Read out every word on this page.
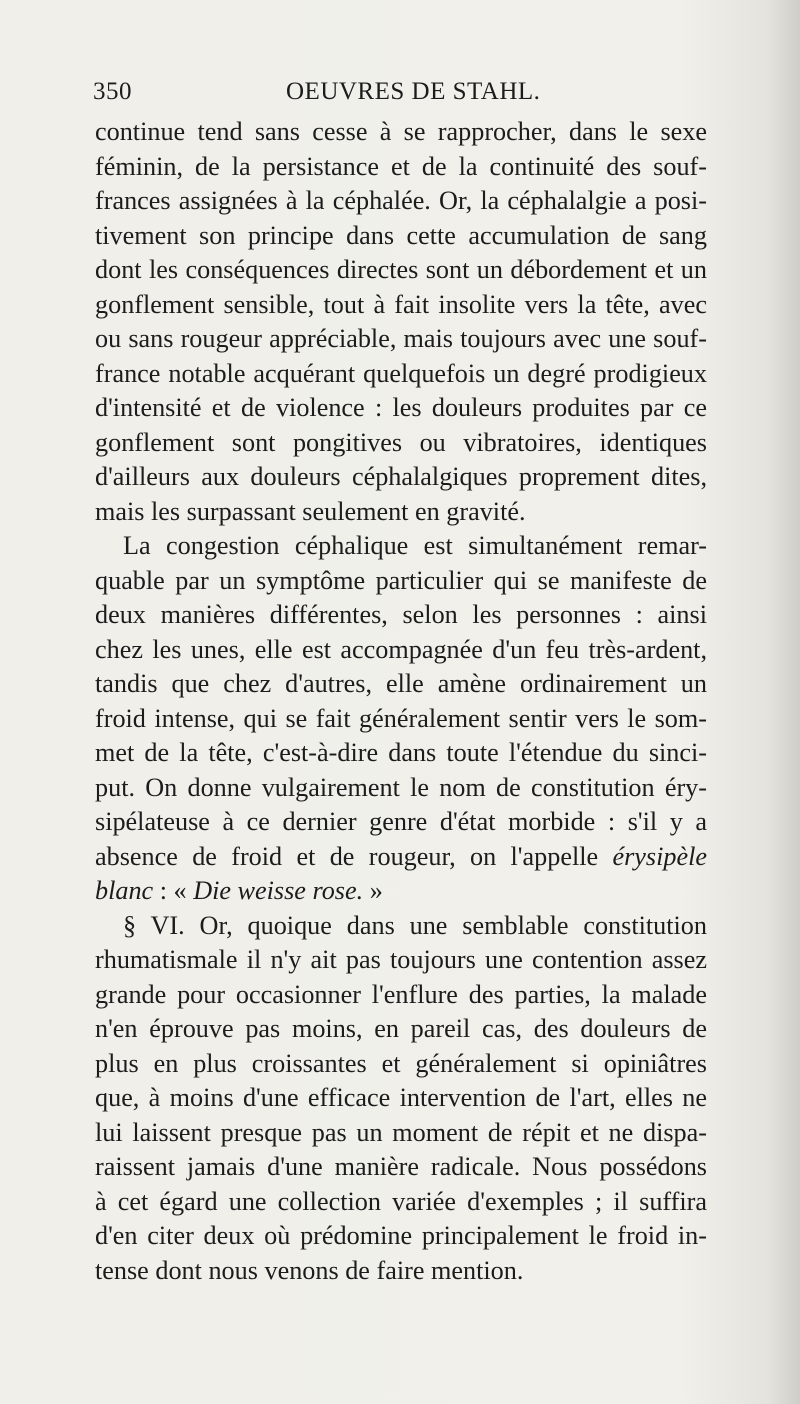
350	OEUVRES DE STAHL.
continue tend sans cesse à se rapprocher, dans le sexe
féminin, de la persistance et de la continuité des souf-
frances assignées à la céphalée. Or, la céphalalgie a posi-
tivement son principe dans cette accumulation de sang
dont les conséquences directes sont un débordement et un
gonflement sensible, tout à fait insolite vers la tête, avec
ou sans rougeur appréciable, mais toujours avec une souf-
france notable acquérant quelquefois un degré prodigieux
d'intensité et de violence : les douleurs produites par ce
gonflement sont pongitives ou vibratoires, identiques
d'ailleurs aux douleurs céphalalgiques proprement dites,
mais les surpassant seulement en gravité.
La congestion céphalique est simultanément remar-
quable par un symptôme particulier qui se manifeste de
deux manières différentes, selon les personnes : ainsi
chez les unes, elle est accompagnée d'un feu très-ardent,
tandis que chez d'autres, elle amène ordinairement un
froid intense, qui se fait généralement sentir vers le som-
met de la tête, c'est-à-dire dans toute l'étendue du sinci-
put. On donne vulgairement le nom de constitution éry-
sipélateuse à ce dernier genre d'état morbide : s'il y a
absence de froid et de rougeur, on l'appelle érysipèle
blanc : « Die weisse rose. »
§ VI. Or, quoique dans une semblable constitution
rhumatismale il n'y ait pas toujours une contention assez
grande pour occasionner l'enflure des parties, la malade
n'en éprouve pas moins, en pareil cas, des douleurs de
plus en plus croissantes et généralement si opiniâtres
que, à moins d'une efficace intervention de l'art, elles ne
lui laissent presque pas un moment de répit et ne dispa-
raissent jamais d'une manière radicale. Nous possédons
à cet égard une collection variée d'exemples ; il suffira
d'en citer deux où prédomine principalement le froid in-
tense dont nous venons de faire mention.
